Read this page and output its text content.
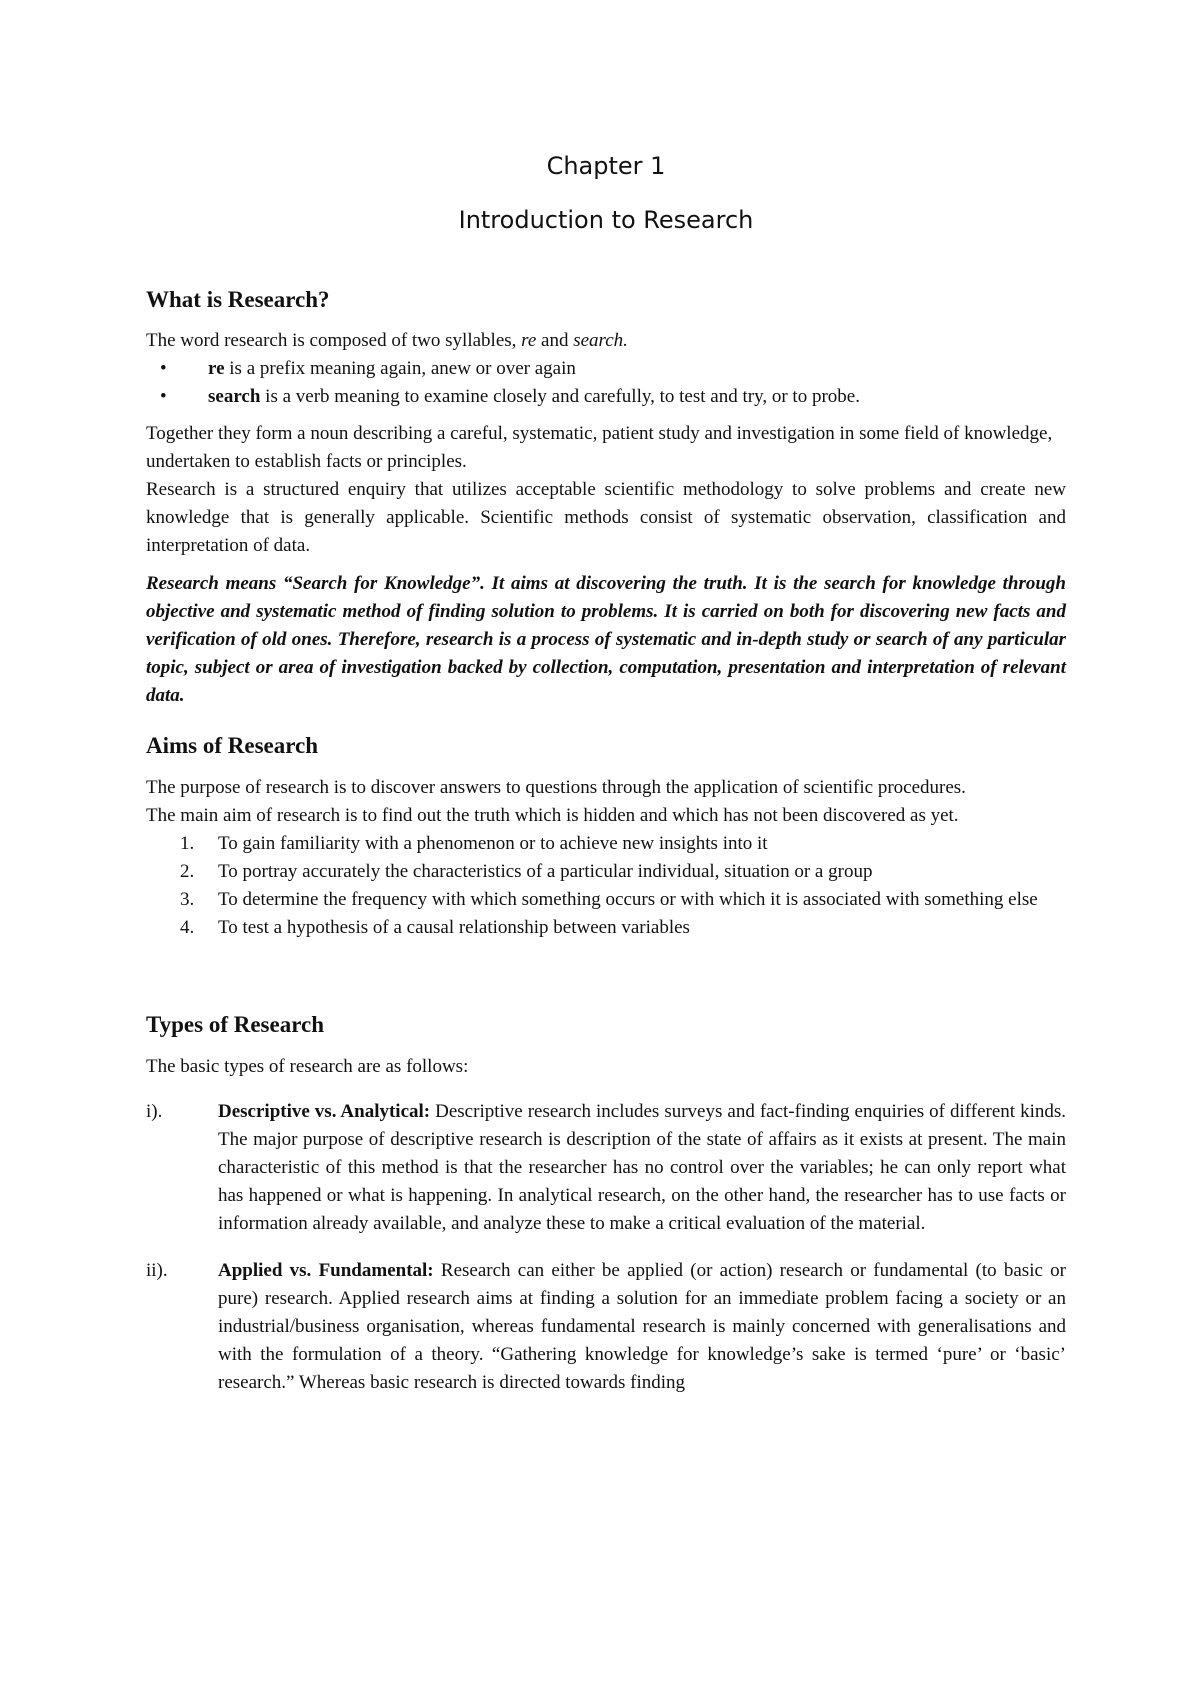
Chapter 1
Introduction to Research
What is Research?

The word research is composed of two syllables, re and search.

• re is a prefix meaning again, anew or over again
• search is a verb meaning to examine closely and carefully, to test and try, or to probe.

Together they form a noun describing a careful, systematic, patient study and investigation in some field of knowledge, undertaken to establish facts or principles.

Research is a structured enquiry that utilizes acceptable scientific methodology to solve problems and create new knowledge that is generally applicable. Scientific methods consist of systematic observation, classification and interpretation of data.

Research means “Search for Knowledge”. It aims at discovering the truth. It is the search for knowledge through objective and systematic method of finding solution to problems. It is carried on both for discovering new facts and verification of old ones. Therefore, research is a process of systematic and in-depth study or search of any particular topic, subject or area of investigation backed by collection, computation, presentation and interpretation of relevant data.

Aims of Research

The purpose of research is to discover answers to questions through the application of scientific procedures. The main aim of research is to find out the truth which is hidden and which has not been discovered as yet.

1. To gain familiarity with a phenomenon or to achieve new insights into it
2. To portray accurately the characteristics of a particular individual, situation or a group
3. To determine the frequency with which something occurs or with which it is associated with something else
4. To test a hypothesis of a causal relationship between variables
Types of Research

The basic types of research are as follows:

i).	Descriptive vs. Analytical: Descriptive research includes surveys and fact-finding enquiries of different kinds. The major purpose of descriptive research is description of the state of affairs as it exists at present. The main characteristic of this method is that the researcher has no control over the variables; he can only report what has happened or what is happening. In analytical research, on the other hand, the researcher has to use facts or information already available, and analyze these to make a critical evaluation of the material.
ii).	Applied vs. Fundamental: Research can either be applied (or action) research or fundamental (to basic or pure) research. Applied research aims at finding a solution for an immediate problem facing a society or an industrial/business organisation, whereas fundamental research is mainly concerned with generalisations and with the formulation of a theory. “Gathering knowledge for knowledge’s sake is termed ‘pure’ or ‘basic’ research.” Whereas basic research is directed towards finding
